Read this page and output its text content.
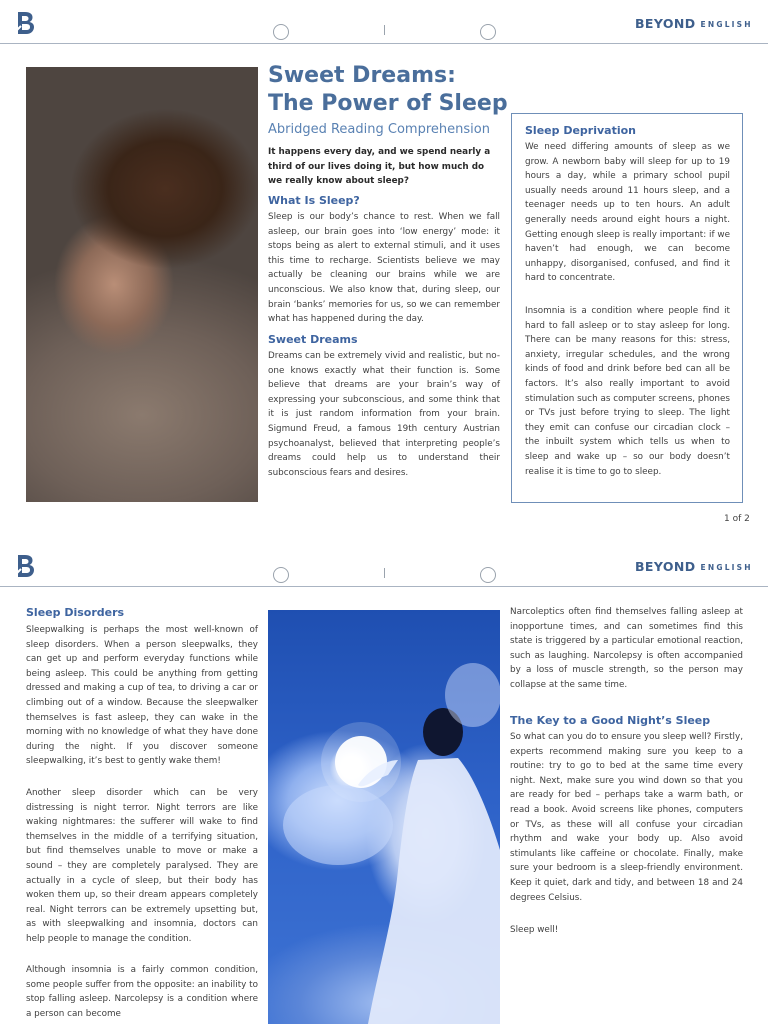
BEYOND ENGLISH
Sweet Dreams:
The Power of Sleep
Abridged Reading Comprehension
It happens every day, and we spend nearly a third of our lives doing it, but how much do we really know about sleep?
What Is Sleep?
Sleep is our body’s chance to rest. When we fall asleep, our brain goes into ‘low energy’ mode: it stops being as alert to external stimuli, and it uses this time to recharge. Scientists believe we may actually be cleaning our brains while we are unconscious. We also know that, during sleep, our brain ‘banks’ memories for us, so we can remember what has happened during the day.
Sweet Dreams
Dreams can be extremely vivid and realistic, but no-one knows exactly what their function is. Some believe that dreams are your brain’s way of expressing your subconscious, and some think that it is just random information from your brain. Sigmund Freud, a famous 19th century Austrian psychoanalyst, believed that interpreting people’s dreams could help us to understand their subconscious fears and desires.
Sleep Deprivation
We need differing amounts of sleep as we grow. A newborn baby will sleep for up to 19 hours a day, while a primary school pupil usually needs around 11 hours sleep, and a teenager needs up to ten hours. An adult generally needs around eight hours a night. Getting enough sleep is really important: if we haven’t had enough, we can become unhappy, disorganised, confused, and find it hard to concentrate.
Insomnia is a condition where people find it hard to fall asleep or to stay asleep for long. There can be many reasons for this: stress, anxiety, irregular schedules, and the wrong kinds of food and drink before bed can all be factors. It’s also really important to avoid stimulation such as computer screens, phones or TVs just before trying to sleep. The light they emit can confuse our circadian clock – the inbuilt system which tells us when to sleep and wake up – so our body doesn’t realise it is time to go to sleep.
1 of 2
BEYOND ENGLISH
Sleep Disorders
Sleepwalking is perhaps the most well-known of sleep disorders. When a person sleepwalks, they can get up and perform everyday functions while being asleep. This could be anything from getting dressed and making a cup of tea, to driving a car or climbing out of a window. Because the sleepwalker themselves is fast asleep, they can wake in the morning with no knowledge of what they have done during the night. If you discover someone sleepwalking, it’s best to gently wake them!
Another sleep disorder which can be very distressing is night terror. Night terrors are like waking nightmares: the sufferer will wake to find themselves in the middle of a terrifying situation, but find themselves unable to move or make a sound – they are completely paralysed. They are actually in a cycle of sleep, but their body has woken them up, so their dream appears completely real. Night terrors can be extremely upsetting but, as with sleepwalking and insomnia, doctors can help people to manage the condition.
Although insomnia is a fairly common condition, some people suffer from the opposite: an inability to stop falling asleep. Narcolepsy is a condition where a person can become
Narcoleptics often find themselves falling asleep at inopportune times, and can sometimes find this state is triggered by a particular emotional reaction, such as laughing. Narcolepsy is often accompanied by a loss of muscle strength, so the person may collapse at the same time.
The Key to a Good Night’s Sleep
So what can you do to ensure you sleep well? Firstly, experts recommend making sure you keep to a routine: try to go to bed at the same time every night. Next, make sure you wind down so that you are ready for bed – perhaps take a warm bath, or read a book. Avoid screens like phones, computers or TVs, as these will all confuse your circadian rhythm and wake your body up. Also avoid stimulants like caffeine or chocolate. Finally, make sure your bedroom is a sleep-friendly environment. Keep it quiet, dark and tidy, and between 18 and 24 degrees Celsius.
Sleep well!
